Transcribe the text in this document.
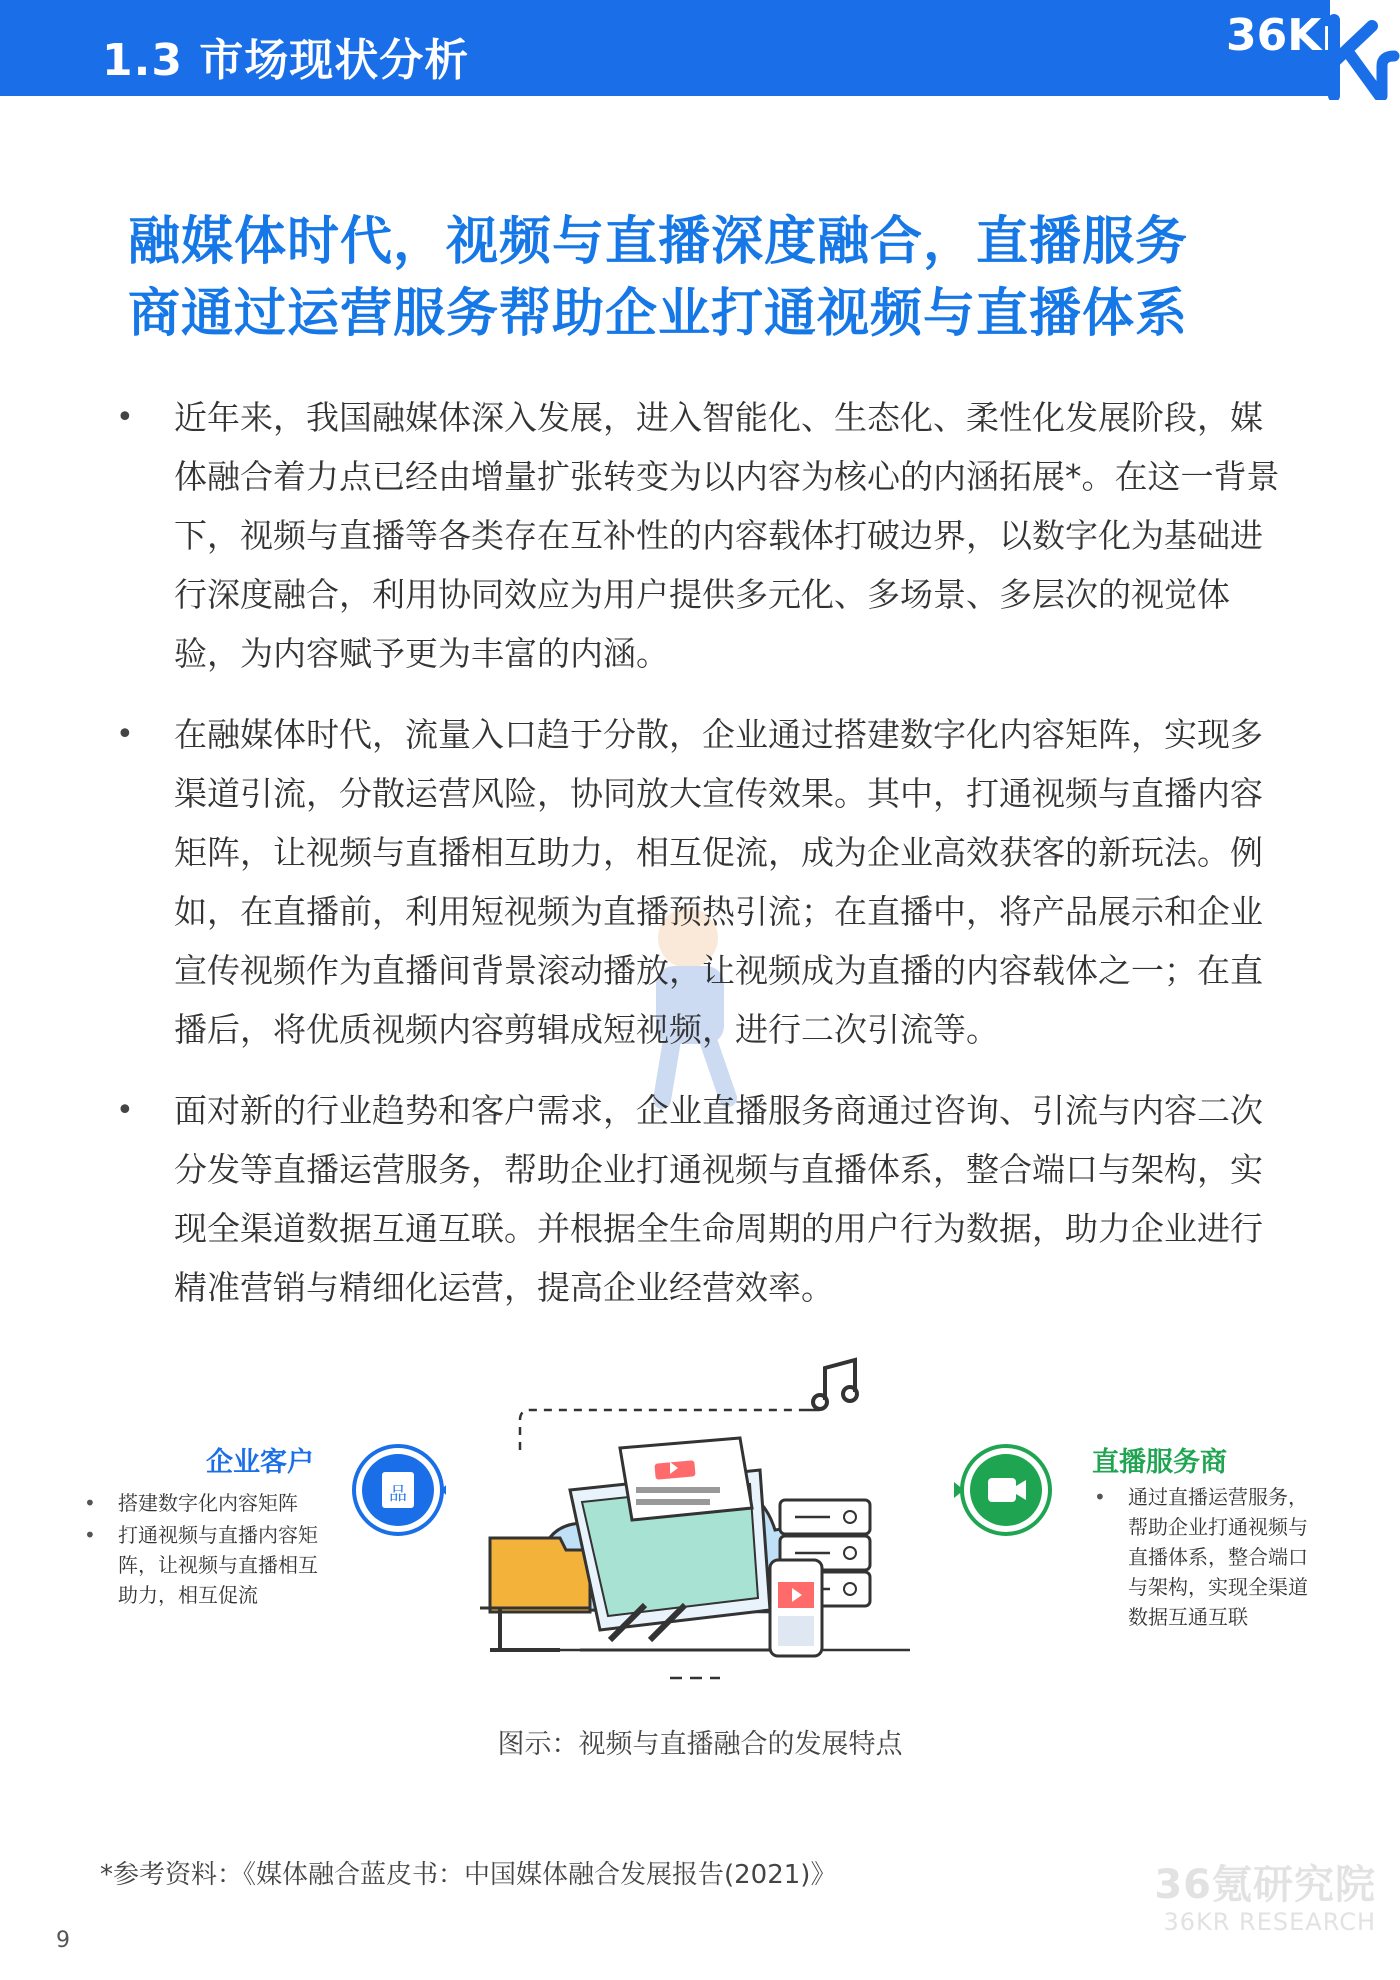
1.3 市场现状分析	36Kr
融媒体时代，视频与直播深度融合，直播服务
商通过运营服务帮助企业打通视频与直播体系
• 近年来，我国融媒体深入发展，进入智能化、生态化、柔性化发展阶段，媒体融合着力点已经由增量扩张转变为以内容为核心的内涵拓展*。在这一背景下，视频与直播等各类存在互补性的内容载体打破边界，以数字化为基础进行深度融合，利用协同效应为用户提供多元化、多场景、多层次的视觉体验，为内容赋予更为丰富的内涵。
• 在融媒体时代，流量入口趋于分散，企业通过搭建数字化内容矩阵，实现多渠道引流，分散运营风险，协同放大宣传效果。其中，打通视频与直播内容矩阵，让视频与直播相互助力，相互促流，成为企业高效获客的新玩法。例如，在直播前，利用短视频为直播预热引流；在直播中，将产品展示和企业宣传视频作为直播间背景滚动播放，让视频成为直播的内容载体之一；在直播后，将优质视频内容剪辑成短视频，进行二次引流等。
• 面对新的行业趋势和客户需求，企业直播服务商通过咨询、引流与内容二次分发等直播运营服务，帮助企业打通视频与直播体系，整合端口与架构，实现全渠道数据互通互联。并根据全生命周期的用户行为数据，助力企业进行精准营销与精细化运营，提高企业经营效率。
企业客户
• 搭建数字化内容矩阵
• 打通视频与直播内容矩阵，让视频与直播相互助力，相互促流
品
直播服务商
• 通过直播运营服务，帮助企业打通视频与直播体系，整合端口与架构，实现全渠道数据互通互联
图示：视频与直播融合的发展特点
*参考资料：《媒体融合蓝皮书：中国媒体融合发展报告(2021)》	36氪研究院
36KR RESEARCH
9
